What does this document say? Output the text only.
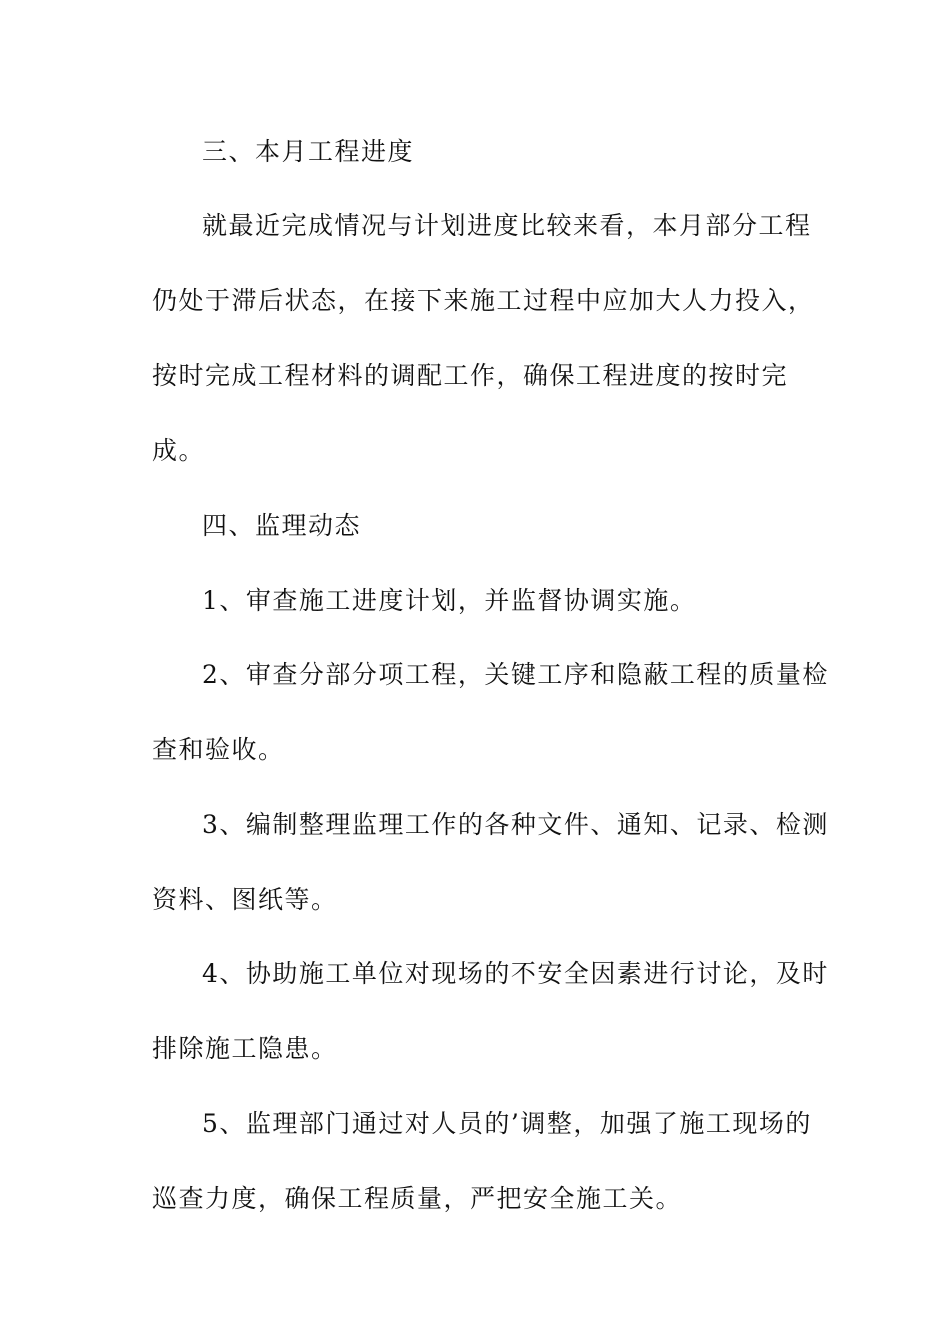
三、本月工程进度
就最近完成情况与计划进度比较来看，本月部分工程
仍处于滞后状态，在接下来施工过程中应加大人力投入，
按时完成工程材料的调配工作，确保工程进度的按时完
成。
四、监理动态
1、审查施工进度计划，并监督协调实施。
2、审查分部分项工程，关键工序和隐蔽工程的质量检
查和验收。
3、编制整理监理工作的各种文件、通知、记录、检测
资料、图纸等。
4、协助施工单位对现场的不安全因素进行讨论，及时
排除施工隐患。
5、监理部门通过对人员的’调整，加强了施工现场的
巡查力度，确保工程质量，严把安全施工关。
